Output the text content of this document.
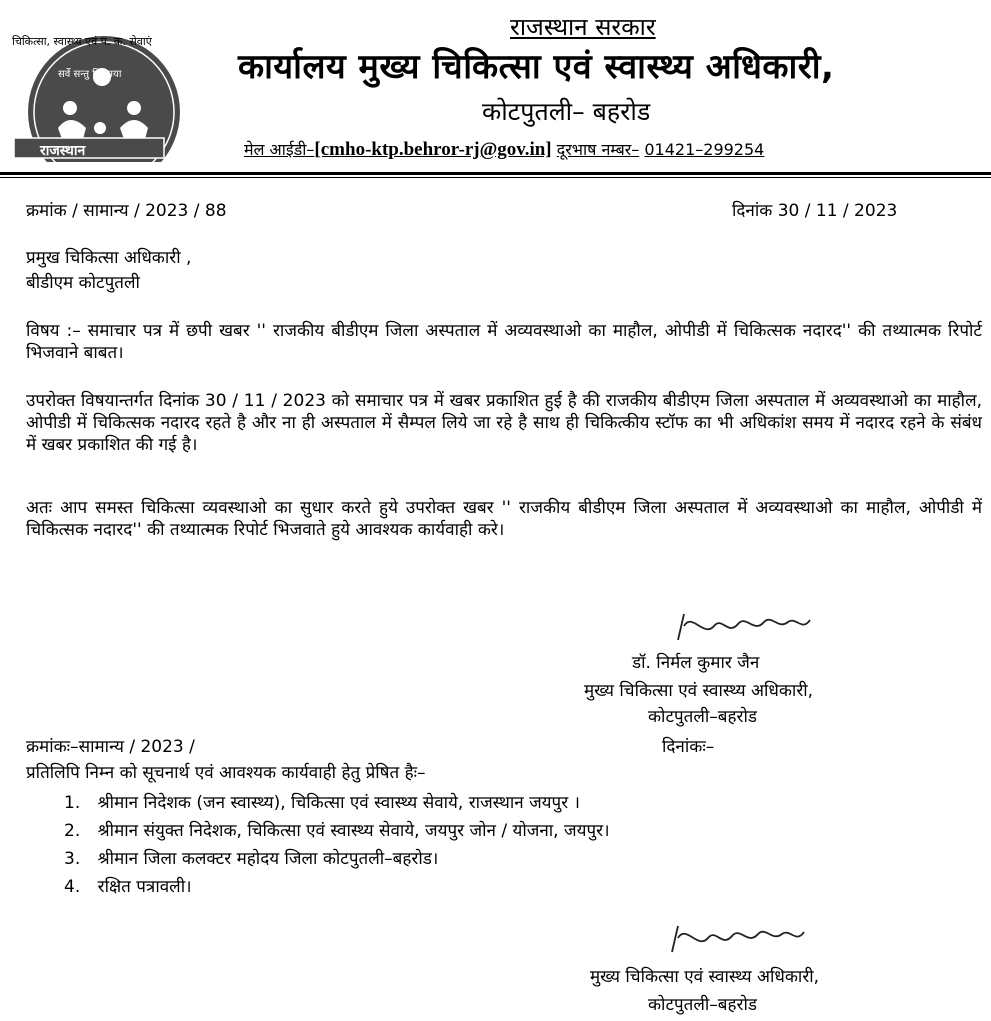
चिकित्सा, स्वास्थ्य एवं प. क. सेवाएं
सर्वे सन्तु निरामया
राजस्थान
राजस्थान सरकार
कार्यालय मुख्य चिकित्सा एवं स्वास्थ्य अधिकारी,
कोटपुतली– बहरोड
मेल आईडी–[cmho-ktp.behror-rj@gov.in] दूरभाष नम्बर– 01421–299254
क्रमांक / सामान्य / 2023 / 88	दिनांक 30 / 11 / 2023
प्रमुख चिकित्सा अधिकारी ,
बीडीएम कोटपुतली
विषय :– समाचार पत्र में छपी खबर '' राजकीय बीडीएम जिला अस्पताल में अव्यवस्थाओ का माहौल, ओपीडी में चिकित्सक नदारद'' की तथ्यात्मक रिपोर्ट भिजवाने बाबत।
उपरोक्त विषयान्तर्गत दिनांक 30 / 11 / 2023 को समाचार पत्र में खबर प्रकाशित हुई है की राजकीय बीडीएम जिला अस्पताल में अव्यवस्थाओ का माहौल, ओपीडी में चिकित्सक नदारद रहते है और ना ही अस्पताल में सैम्पल लिये जा रहे है साथ ही चिकित्कीय स्टॉफ का भी अधिकांश समय में नदारद रहने के संबंध में खबर प्रकाशित की गई है।
अतः आप समस्त चिकित्सा व्यवस्थाओ का सुधार करते हुये उपरोक्त खबर '' राजकीय बीडीएम जिला अस्पताल में अव्यवस्थाओ का माहौल, ओपीडी में चिकित्सक नदारद'' की तथ्यात्मक रिपोर्ट भिजवाते हुये आवश्यक कार्यवाही करे।
डॉ. निर्मल कुमार जैन
मुख्य चिकित्सा एवं स्वास्थ्य अधिकारी,
कोटपुतली–बहरोड
क्रमांकः–सामान्य / 2023 /	दिनांकः–
प्रतिलिपि निम्न को सूचनार्थ एवं आवश्यक कार्यवाही हेतु प्रेषित हैः–
1. श्रीमान निदेशक (जन स्वास्थ्य), चिकित्सा एवं स्वास्थ्य सेवाये, राजस्थान जयपुर ।
2. श्रीमान संयुक्त निदेशक, चिकित्सा एवं स्वास्थ्य सेवाये, जयपुर जोन / योजना, जयपुर।
3. श्रीमान जिला कलक्टर महोदय जिला कोटपुतली–बहरोड।
4. रक्षित पत्रावली।
मुख्य चिकित्सा एवं स्वास्थ्य अधिकारी,
कोटपुतली–बहरोड
